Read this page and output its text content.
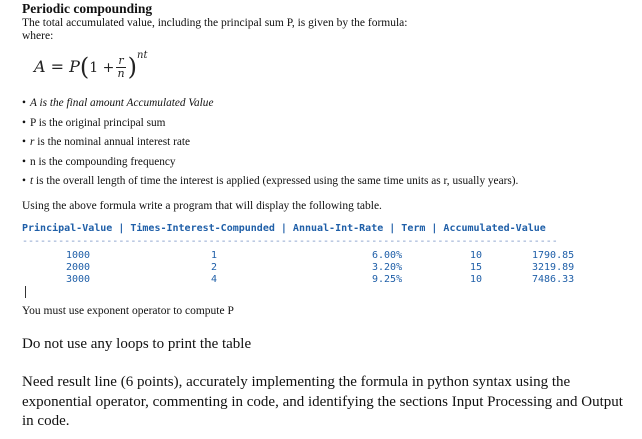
Periodic compounding
The total accumulated value, including the principal sum P, is given by the formula:
where:
$A = P(1 + \frac{r}{n} )^{nt}$
• A is the final amount Accumulated Value
• P is the original principal sum
• r is the nominal annual interest rate
• n is the compounding frequency
• t is the overall length of time the interest is applied (expressed using the same time units as r, usually years).
Using the above formula write a program that will display the following table.
Principal-Value | Times-Interest-Compunded | Annual-Int-Rate | Term | Accumulated-Value
-----------------------------------------------------------------------------------------
1000	1	6.00%	10	1790.85
2000	2	3.20%	15	3219.89
3000	4	9.25%	10	7486.33
You must use exponent operator to compute P
Do not use any loops to print the table
Need result line (6 points), accurately implementing the formula in python syntax using the exponential operator, commenting in code, and identifying the sections Input Processing and Output in code.
